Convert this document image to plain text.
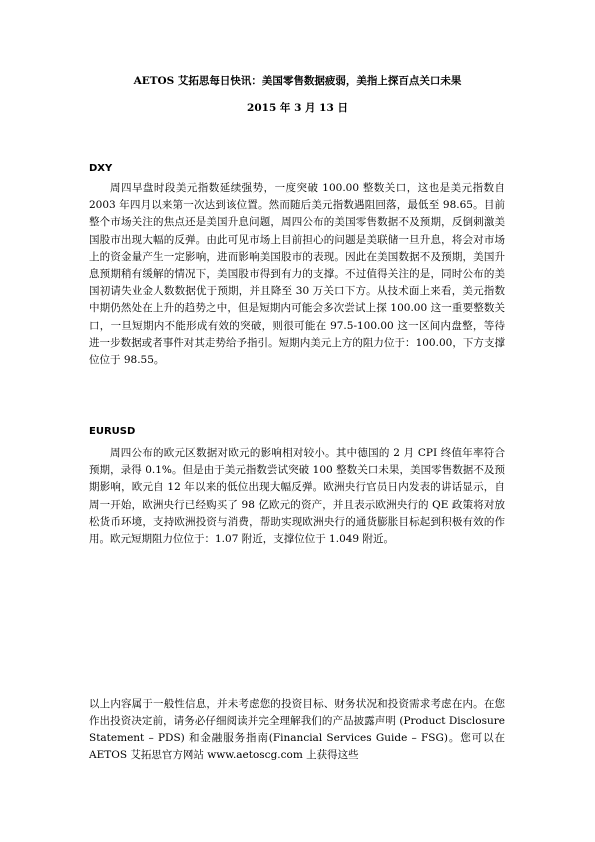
AETOS 艾拓思每日快讯：美国零售数据疲弱，美指上探百点关口未果
2015 年 3 月 13 日
DXY

周四早盘时段美元指数延续强势，一度突破 100.00 整数关口，这也是美元指数自 2003 年四月以来第一次达到该位置。然而随后美元指数遇阻回落，最低至 98.65。目前整个市场关注的焦点还是美国升息问题，周四公布的美国零售数据不及预期，反倒刺激美国股市出现大幅的反弹。由此可见市场上目前担心的问题是美联储一旦升息，将会对市场上的资金量产生一定影响，进而影响美国股市的表现。因此在美国数据不及预期，美国升息预期稍有缓解的情况下，美国股市得到有力的支撑。不过值得关注的是，同时公布的美国初请失业金人数数据优于预期，并且降至 30 万关口下方。从技术面上来看，美元指数中期仍然处在上升的趋势之中，但是短期内可能会多次尝试上探 100.00 这一重要整数关口，一旦短期内不能形成有效的突破，则很可能在 97.5-100.00 这一区间内盘整，等待进一步数据或者事件对其走势给予指引。短期内美元上方的阻力位于：100.00，下方支撑位位于 98.55。

EURUSD

周四公布的欧元区数据对欧元的影响相对较小。其中德国的 2 月 CPI 终值年率符合预期，录得 0.1%。但是由于美元指数尝试突破 100 整数关口未果，美国零售数据不及预期影响，欧元自 12 年以来的低位出现大幅反弹。欧洲央行官员日内发表的讲话显示，自周一开始，欧洲央行已经购买了 98 亿欧元的资产，并且表示欧洲央行的 QE 政策将对放松货币环境，支持欧洲投资与消费，帮助实现欧洲央行的通货膨胀目标起到积极有效的作用。欧元短期阻力位位于：1.07 附近，支撑位位于 1.049 附近。

以上内容属于一般性信息，并未考虑您的投资目标、财务状况和投资需求考虑在内。在您作出投资决定前，请务必仔细阅读并完全理解我们的产品披露声明 (Product Disclosure Statement – PDS) 和金融服务指南(Financial Services Guide – FSG)。您可以在 AETOS 艾拓思官方网站 www.aetoscg.com 上获得这些
